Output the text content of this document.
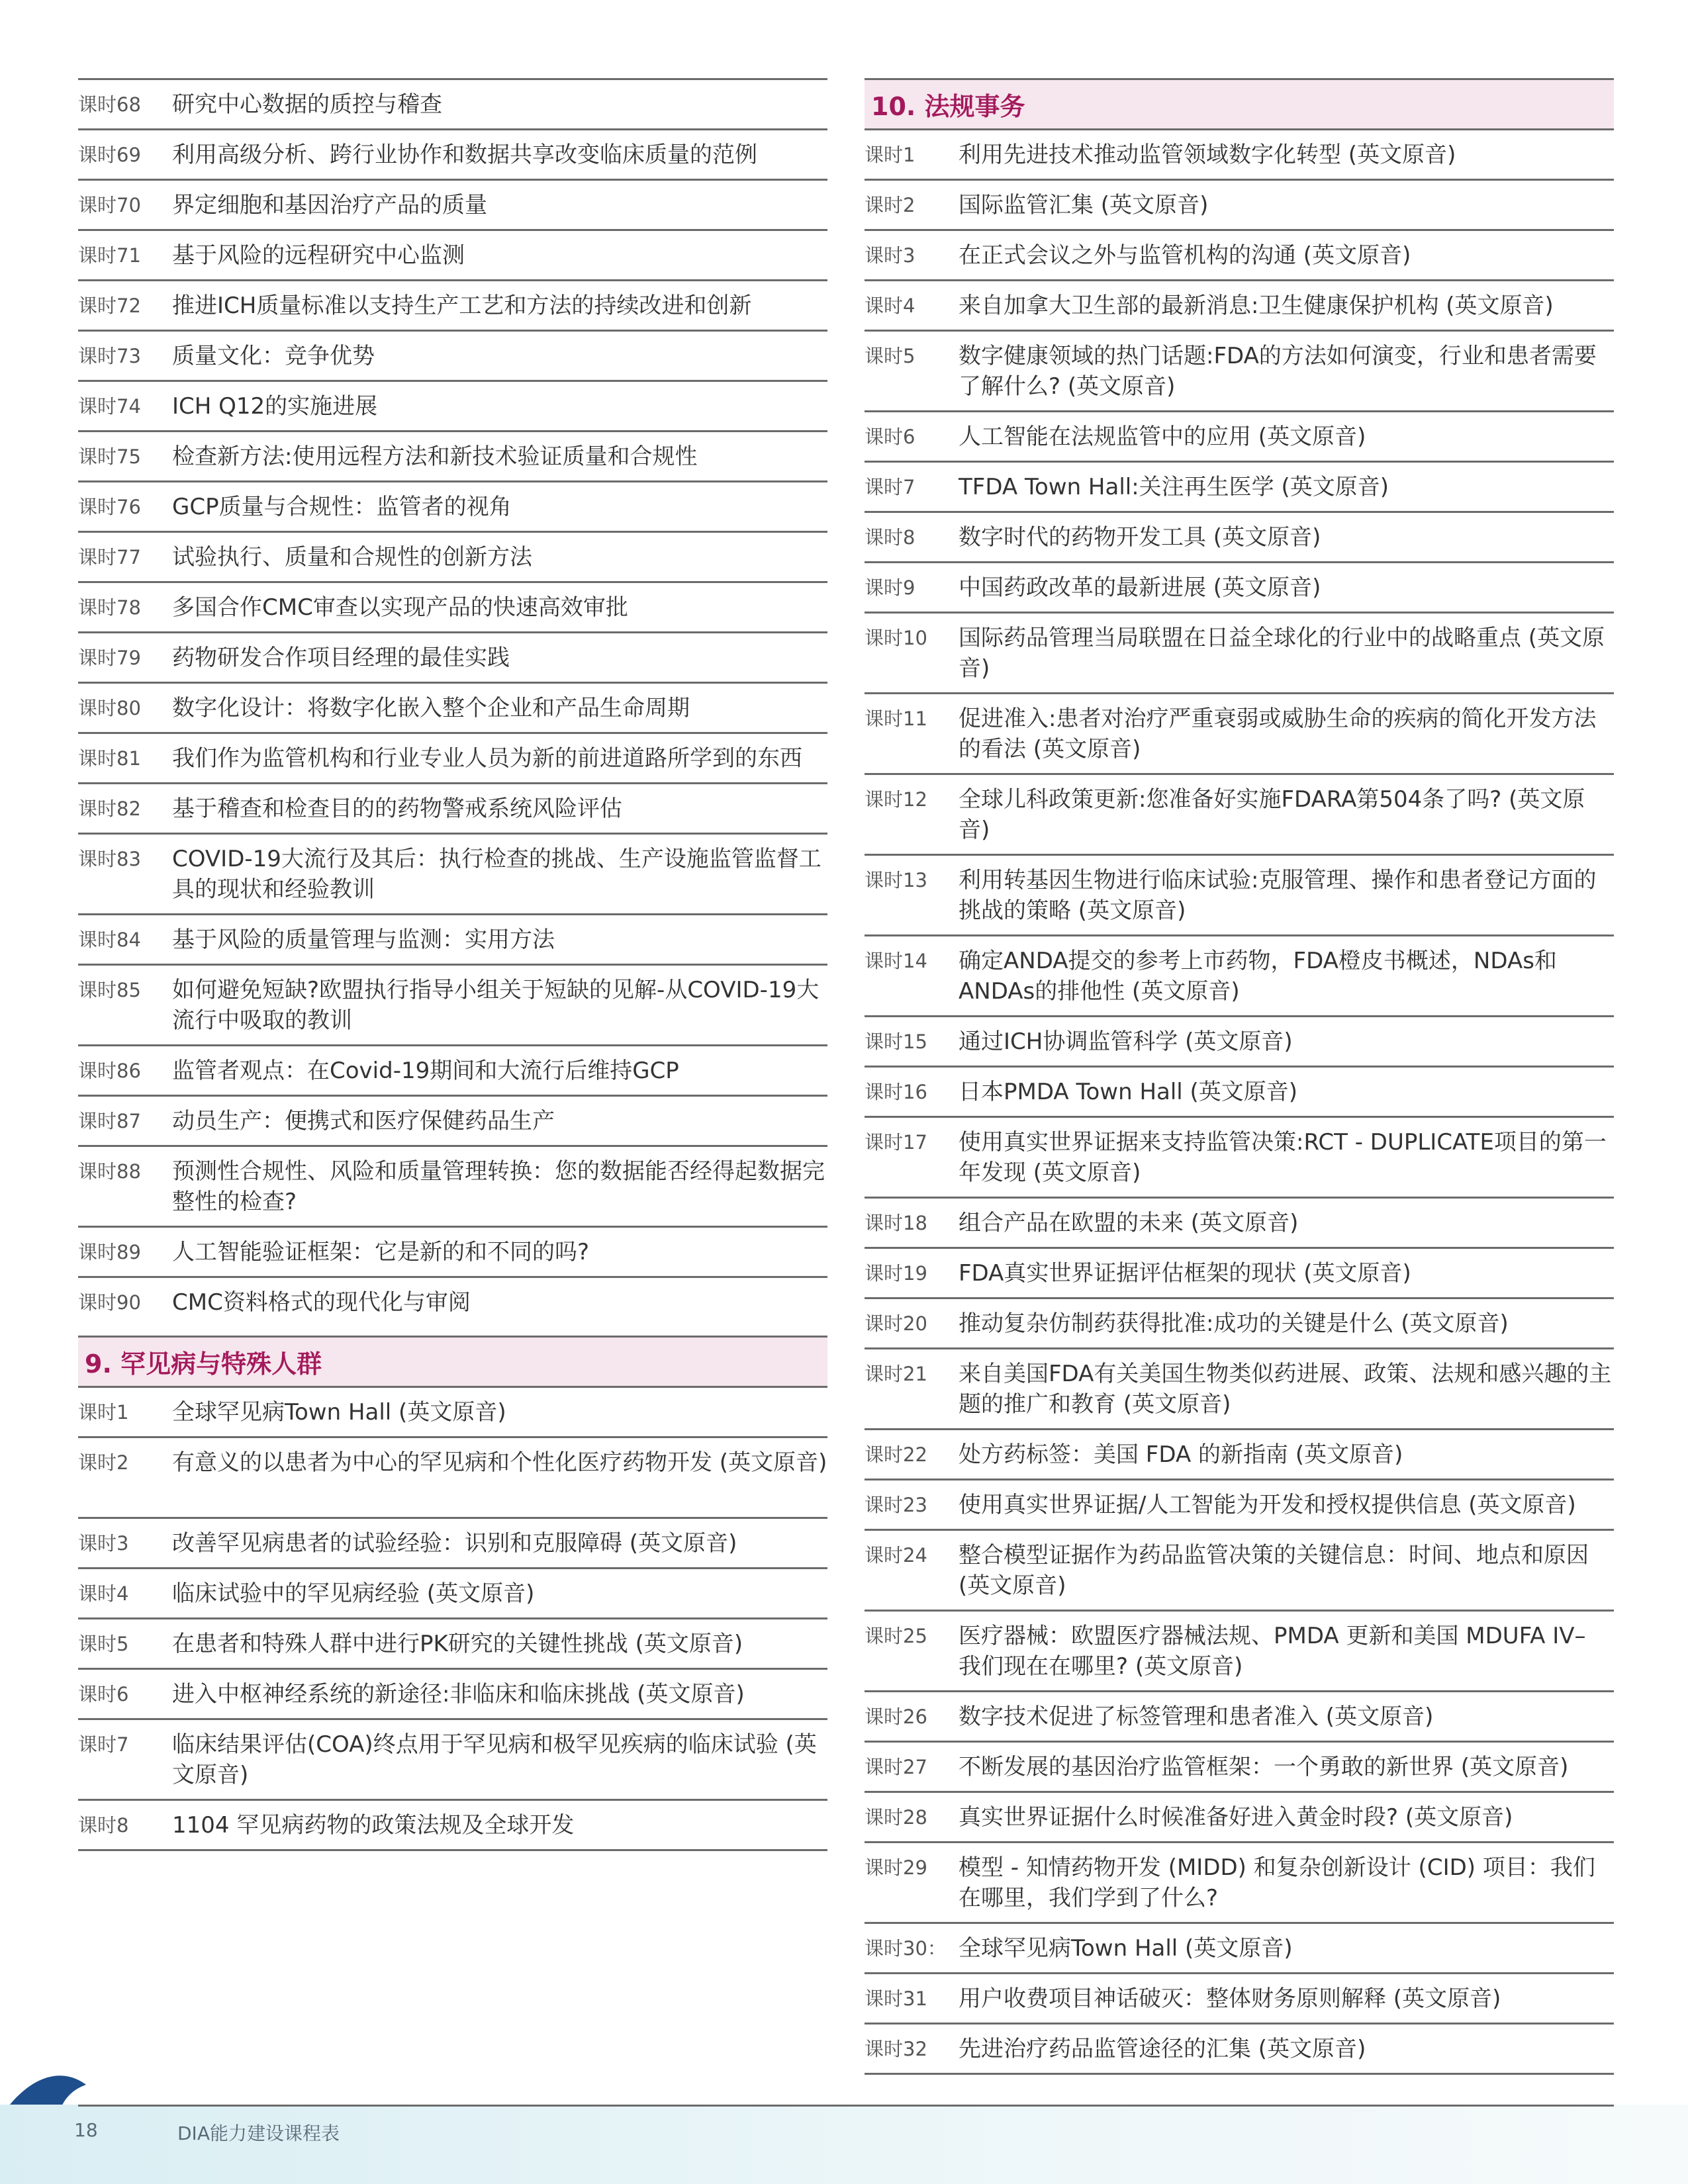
课时68	研究中心数据的质控与稽查
课时69	利用高级分析、跨行业协作和数据共享改变临床质量的范例
课时70	界定细胞和基因治疗产品的质量
课时71	基于风险的远程研究中心监测
课时72	推进ICH质量标准以支持生产工艺和方法的持续改进和创新
课时73	质量文化：竞争优势
课时74	ICH Q12的实施进展
课时75	检查新方法:使用远程方法和新技术验证质量和合规性
课时76	GCP质量与合规性：监管者的视角
课时77	试验执行、质量和合规性的创新方法
课时78	多国合作CMC审查以实现产品的快速高效审批
课时79	药物研发合作项目经理的最佳实践
课时80	数字化设计：将数字化嵌入整个企业和产品生命周期
课时81	我们作为监管机构和行业专业人员为新的前进道路所学到的东西
课时82	基于稽查和检查目的的药物警戒系统风险评估
课时83	COVID-19大流行及其后：执行检查的挑战、生产设施监管监督工具的现状和经验教训
课时84	基于风险的质量管理与监测：实用方法
课时85	如何避免短缺?欧盟执行指导小组关于短缺的见解-从COVID-19大流行中吸取的教训
课时86	监管者观点：在Covid-19期间和大流行后维持GCP
课时87	动员生产：便携式和医疗保健药品生产
课时88	预测性合规性、风险和质量管理转换：您的数据能否经得起数据完整性的检查?
课时89	人工智能验证框架：它是新的和不同的吗?
课时90	CMC资料格式的现代化与审阅
9. 罕见病与特殊人群
课时1	全球罕见病Town Hall (英文原音)
课时2	有意义的以患者为中心的罕见病和个性化医疗药物开发 (英文原音)
课时3	改善罕见病患者的试验经验：识别和克服障碍 (英文原音)
课时4	临床试验中的罕见病经验 (英文原音)
课时5	在患者和特殊人群中进行PK研究的关键性挑战 (英文原音)
课时6	进入中枢神经系统的新途径:非临床和临床挑战 (英文原音)
课时7	临床结果评估(COA)终点用于罕见病和极罕见疾病的临床试验 (英文原音)
课时8	1104 罕见病药物的政策法规及全球开发
10. 法规事务
课时1	利用先进技术推动监管领域数字化转型 (英文原音)
课时2	国际监管汇集 (英文原音)
课时3	在正式会议之外与监管机构的沟通 (英文原音)
课时4	来自加拿大卫生部的最新消息:卫生健康保护机构 (英文原音)
课时5	数字健康领域的热门话题:FDA的方法如何演变，行业和患者需要了解什么? (英文原音)
课时6	人工智能在法规监管中的应用 (英文原音)
课时7	TFDA Town Hall:关注再生医学 (英文原音)
课时8	数字时代的药物开发工具 (英文原音)
课时9	中国药政改革的最新进展 (英文原音)
课时10	国际药品管理当局联盟在日益全球化的行业中的战略重点 (英文原音)
课时11	促进准入:患者对治疗严重衰弱或威胁生命的疾病的简化开发方法的看法 (英文原音)
课时12	全球儿科政策更新:您准备好实施FDARA第504条了吗? (英文原音)
课时13	利用转基因生物进行临床试验:克服管理、操作和患者登记方面的挑战的策略 (英文原音)
课时14	确定ANDA提交的参考上市药物，FDA橙皮书概述，NDAs和ANDAs的排他性 (英文原音)
课时15	通过ICH协调监管科学 (英文原音)
课时16	日本PMDA Town Hall (英文原音)
课时17	使用真实世界证据来支持监管决策:RCT - DUPLICATE项目的第一年发现 (英文原音)
课时18	组合产品在欧盟的未来 (英文原音)
课时19	FDA真实世界证据评估框架的现状 (英文原音)
课时20	推动复杂仿制药获得批准:成功的关键是什么 (英文原音)
课时21	来自美国FDA有关美国生物类似药进展、政策、法规和感兴趣的主题的推广和教育 (英文原音)
课时22	处方药标签：美国 FDA 的新指南 (英文原音)
课时23	使用真实世界证据/人工智能为开发和授权提供信息 (英文原音)
课时24	整合模型证据作为药品监管决策的关键信息：时间、地点和原因 (英文原音)
课时25	医疗器械：欧盟医疗器械法规、PMDA 更新和美国 MDUFA IV– 我们现在在哪里? (英文原音)
课时26	数字技术促进了标签管理和患者准入 (英文原音)
课时27	不断发展的基因治疗监管框架：一个勇敢的新世界 (英文原音)
课时28	真实世界证据什么时候准备好进入黄金时段? (英文原音)
课时29	模型 - 知情药物开发 (MIDD) 和复杂创新设计 (CID) 项目：我们在哪里，我们学到了什么?
课时30： 全球罕见病Town Hall (英文原音)
课时31	用户收费项目神话破灭：整体财务原则解释 (英文原音)
课时32	先进治疗药品监管途径的汇集 (英文原音)
18	DIA能力建设课程表
